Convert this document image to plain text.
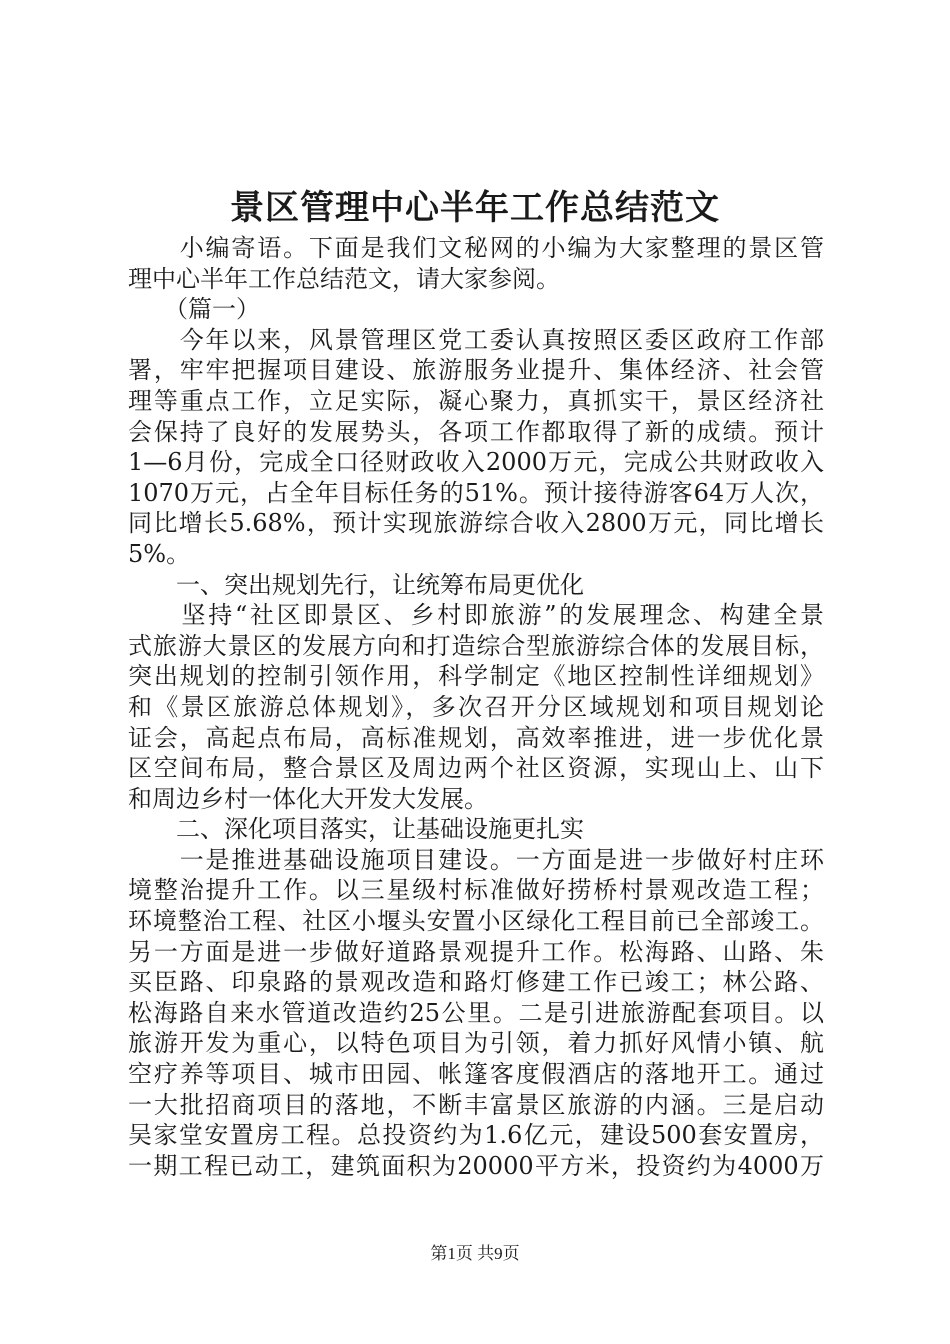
景区管理中心半年工作总结范文
　　小编寄语。下面是我们文秘网的小编为大家整理的景区管
理中心半年工作总结范文，请大家参阅。
　　（篇一）
　　今年以来，风景管理区党工委认真按照区委区政府工作部
署，牢牢把握项目建设、旅游服务业提升、集体经济、社会管
理等重点工作，立足实际，凝心聚力，真抓实干，景区经济社
会保持了良好的发展势头，各项工作都取得了新的成绩。预计
1—6月份，完成全口径财政收入2000万元，完成公共财政收入
1070万元，占全年目标任务的51%。预计接待游客64万人次，
同比增长5.68%，预计实现旅游综合收入2800万元，同比增长
5%。
　　一、突出规划先行，让统筹布局更优化
　　坚持“社区即景区、乡村即旅游”的发展理念、构建全景
式旅游大景区的发展方向和打造综合型旅游综合体的发展目标，
突出规划的控制引领作用，科学制定《地区控制性详细规划》
和《景区旅游总体规划》，多次召开分区域规划和项目规划论
证会，高起点布局，高标准规划，高效率推进，进一步优化景
区空间布局，整合景区及周边两个社区资源，实现山上、山下
和周边乡村一体化大开发大发展。
　　二、深化项目落实，让基础设施更扎实
　　一是推进基础设施项目建设。一方面是进一步做好村庄环
境整治提升工作。以三星级村标准做好捞桥村景观改造工程；
环境整治工程、社区小堰头安置小区绿化工程目前已全部竣工。
另一方面是进一步做好道路景观提升工作。松海路、山路、朱
买臣路、印泉路的景观改造和路灯修建工作已竣工；林公路、
松海路自来水管道改造约25公里。二是引进旅游配套项目。以
旅游开发为重心，以特色项目为引领，着力抓好风情小镇、航
空疗养等项目、城市田园、帐篷客度假酒店的落地开工。通过
一大批招商项目的落地，不断丰富景区旅游的内涵。三是启动
吴家堂安置房工程。总投资约为1.6亿元，建设500套安置房，
一期工程已动工，建筑面积为20000平方米，投资约为4000万
第1页 共9页
